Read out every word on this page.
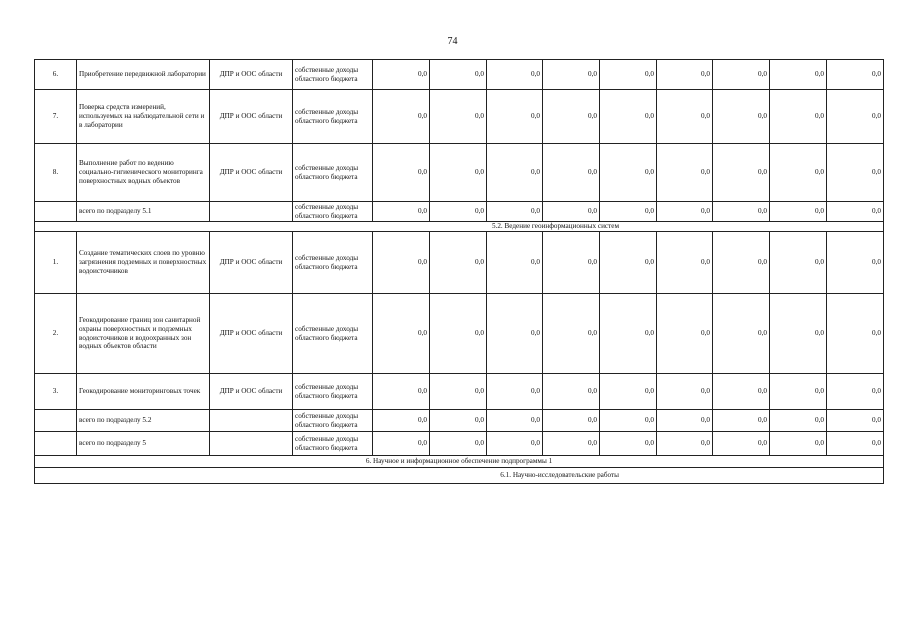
74
6.	Приобретение передвижной лаборатории	ДПР и ООС области	собственные доходы областного бюджета	0,0	0,0	0,0	0,0	0,0	0,0	0,0	0,0	0,0
7.	Поверка средств измерений, используемых на наблюдательной сети и в лаборатории	ДПР и ООС области	собственные доходы областного бюджета	0,0	0,0	0,0	0,0	0,0	0,0	0,0	0,0	0,0
8.	Выполнение работ по ведению социально-гигиенического мониторинга поверхностных водных объектов	ДПР и ООС области	собственные доходы областного бюджета	0,0	0,0	0,0	0,0	0,0	0,0	0,0	0,0	0,0
	всего по подразделу 5.1		собственные доходы областного бюджета	0,0	0,0	0,0	0,0	0,0	0,0	0,0	0,0	0,0
5.2. Ведение геоинформационных систем												
1.	Создание тематических слоев по уровню загрязнения подземных и поверхностных водоисточников	ДПР и ООС области	собственные доходы областного бюджета	0,0	0,0	0,0	0,0	0,0	0,0	0,0	0,0	0,0
2.	Геокодирование границ зон санитарной охраны поверхностных и подземных водоисточников и водоохранных зон водных объектов области	ДПР и ООС области	собственные доходы областного бюджета	0,0	0,0	0,0	0,0	0,0	0,0	0,0	0,0	0,0
3.	Геокодирование мониторинговых точек	ДПР и ООС области	собственные доходы областного бюджета	0,0	0,0	0,0	0,0	0,0	0,0	0,0	0,0	0,0
	всего по подразделу 5.2		собственные доходы областного бюджета	0,0	0,0	0,0	0,0	0,0	0,0	0,0	0,0	0,0
	всего по подразделу 5		собственные доходы областного бюджета	0,0	0,0	0,0	0,0	0,0	0,0	0,0	0,0	0,0
6. Научное и информационное обеспечение подпрограммы 1												
6.1. Научно-исследовательские работы												
